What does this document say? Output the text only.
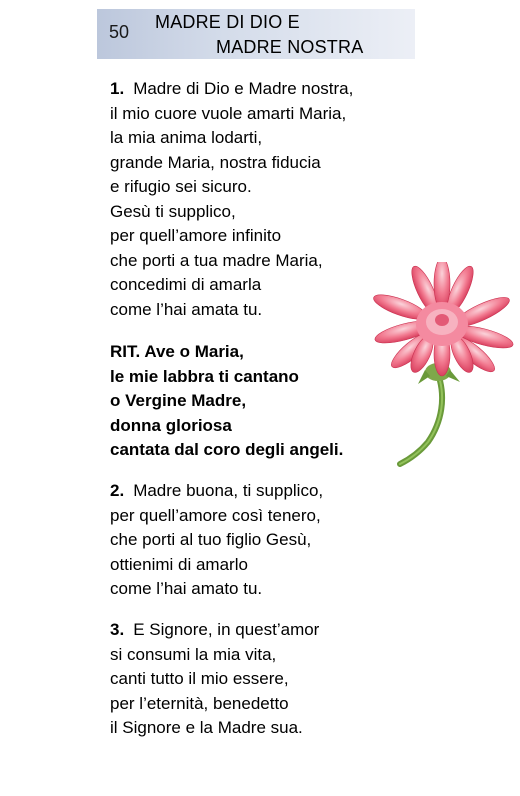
50 MADRE DI DIO E
MADRE NOSTRA
1. Madre di Dio e Madre nostra,
il mio cuore vuole amarti Maria,
la mia anima lodarti,
grande Maria, nostra fiducia
e rifugio sei sicuro.
Gesù ti supplico,
per quell’amore infinito
che porti a tua madre Maria,
concedimi di amarla
come l’hai amata tu.
RIT. Ave o Maria,
le mie labbra ti cantano
o Vergine Madre,
donna gloriosa
cantata dal coro degli angeli.
2. Madre buona, ti supplico,
per quell’amore così tenero,
che porti al tuo figlio Gesù,
ottienimi di amarlo
come l’hai amato tu.
3. E Signore, in quest’amor
si consumi la mia vita,
canti tutto il mio essere,
per l’eternità, benedetto
il Signore e la Madre sua.
